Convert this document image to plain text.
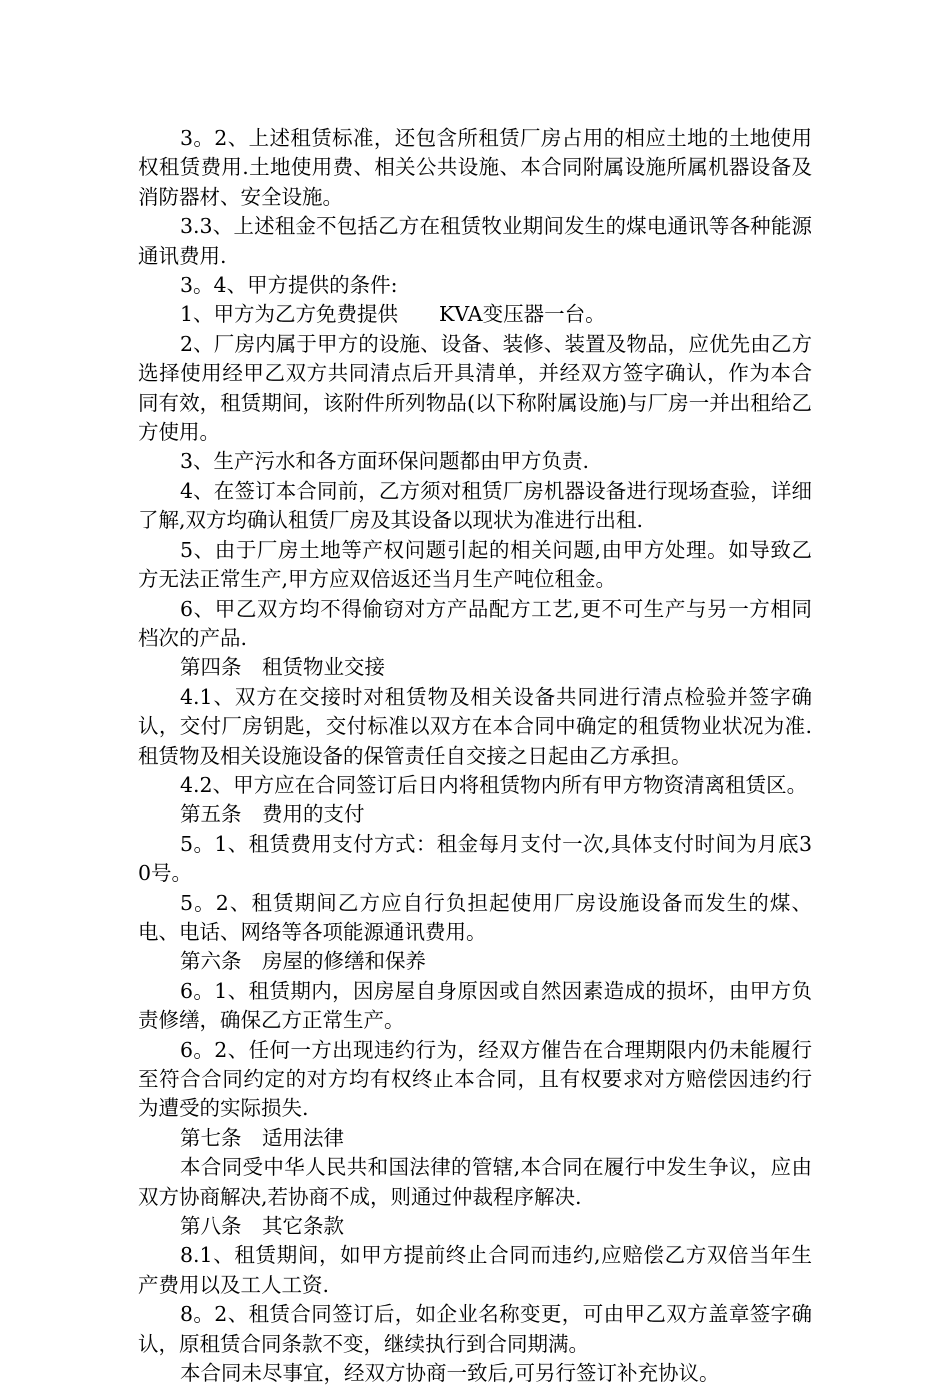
3。2、上述租赁标准，还包含所租赁厂房占用的相应土地的土地使用权租赁费用.土地使用费、相关公共设施、本合同附属设施所属机器设备及消防器材、安全设施。

3.3、上述租金不包括乙方在租赁牧业期间发生的煤电通讯等各种能源通讯费用.

3。4、甲方提供的条件:

1、甲方为乙方免费提供　　KVA变压器一台。

2、厂房内属于甲方的设施、设备、装修、装置及物品，应优先由乙方选择使用经甲乙双方共同清点后开具清单，并经双方签字确认，作为本合同有效，租赁期间，该附件所列物品(以下称附属设施)与厂房一并出租给乙方使用。

3、生产污水和各方面环保问题都由甲方负责.

4、在签订本合同前，乙方须对租赁厂房机器设备进行现场查验，详细了解,双方均确认租赁厂房及其设备以现状为准进行出租.

5、由于厂房土地等产权问题引起的相关问题,由甲方处理。如导致乙方无法正常生产,甲方应双倍返还当月生产吨位租金。

6、甲乙双方均不得偷窃对方产品配方工艺,更不可生产与另一方相同档次的产品.

第四条　租赁物业交接

4.1、双方在交接时对租赁物及相关设备共同进行清点检验并签字确认，交付厂房钥匙，交付标准以双方在本合同中确定的租赁物业状况为准.租赁物及相关设施设备的保管责任自交接之日起由乙方承担。

4.2、甲方应在合同签订后日内将租赁物内所有甲方物资清离租赁区。

第五条　费用的支付

5。1、租赁费用支付方式：租金每月支付一次,具体支付时间为月底30号。

5。2、租赁期间乙方应自行负担起使用厂房设施设备而发生的煤、电、电话、网络等各项能源通讯费用。

第六条　房屋的修缮和保养

6。1、租赁期内，因房屋自身原因或自然因素造成的损坏，由甲方负责修缮，确保乙方正常生产。

6。2、任何一方出现违约行为，经双方催告在合理期限内仍未能履行至符合合同约定的对方均有权终止本合同，且有权要求对方赔偿因违约行为遭受的实际损失.

第七条　适用法律

本合同受中华人民共和国法律的管辖,本合同在履行中发生争议，应由双方协商解决,若协商不成，则通过仲裁程序解决.

第八条　其它条款

8.1、租赁期间，如甲方提前终止合同而违约,应赔偿乙方双倍当年生产费用以及工人工资.

8。2、租赁合同签订后，如企业名称变更，可由甲乙双方盖章签字确认，原租赁合同条款不变，继续执行到合同期满。

本合同未尽事宜，经双方协商一致后,可另行签订补充协议。
